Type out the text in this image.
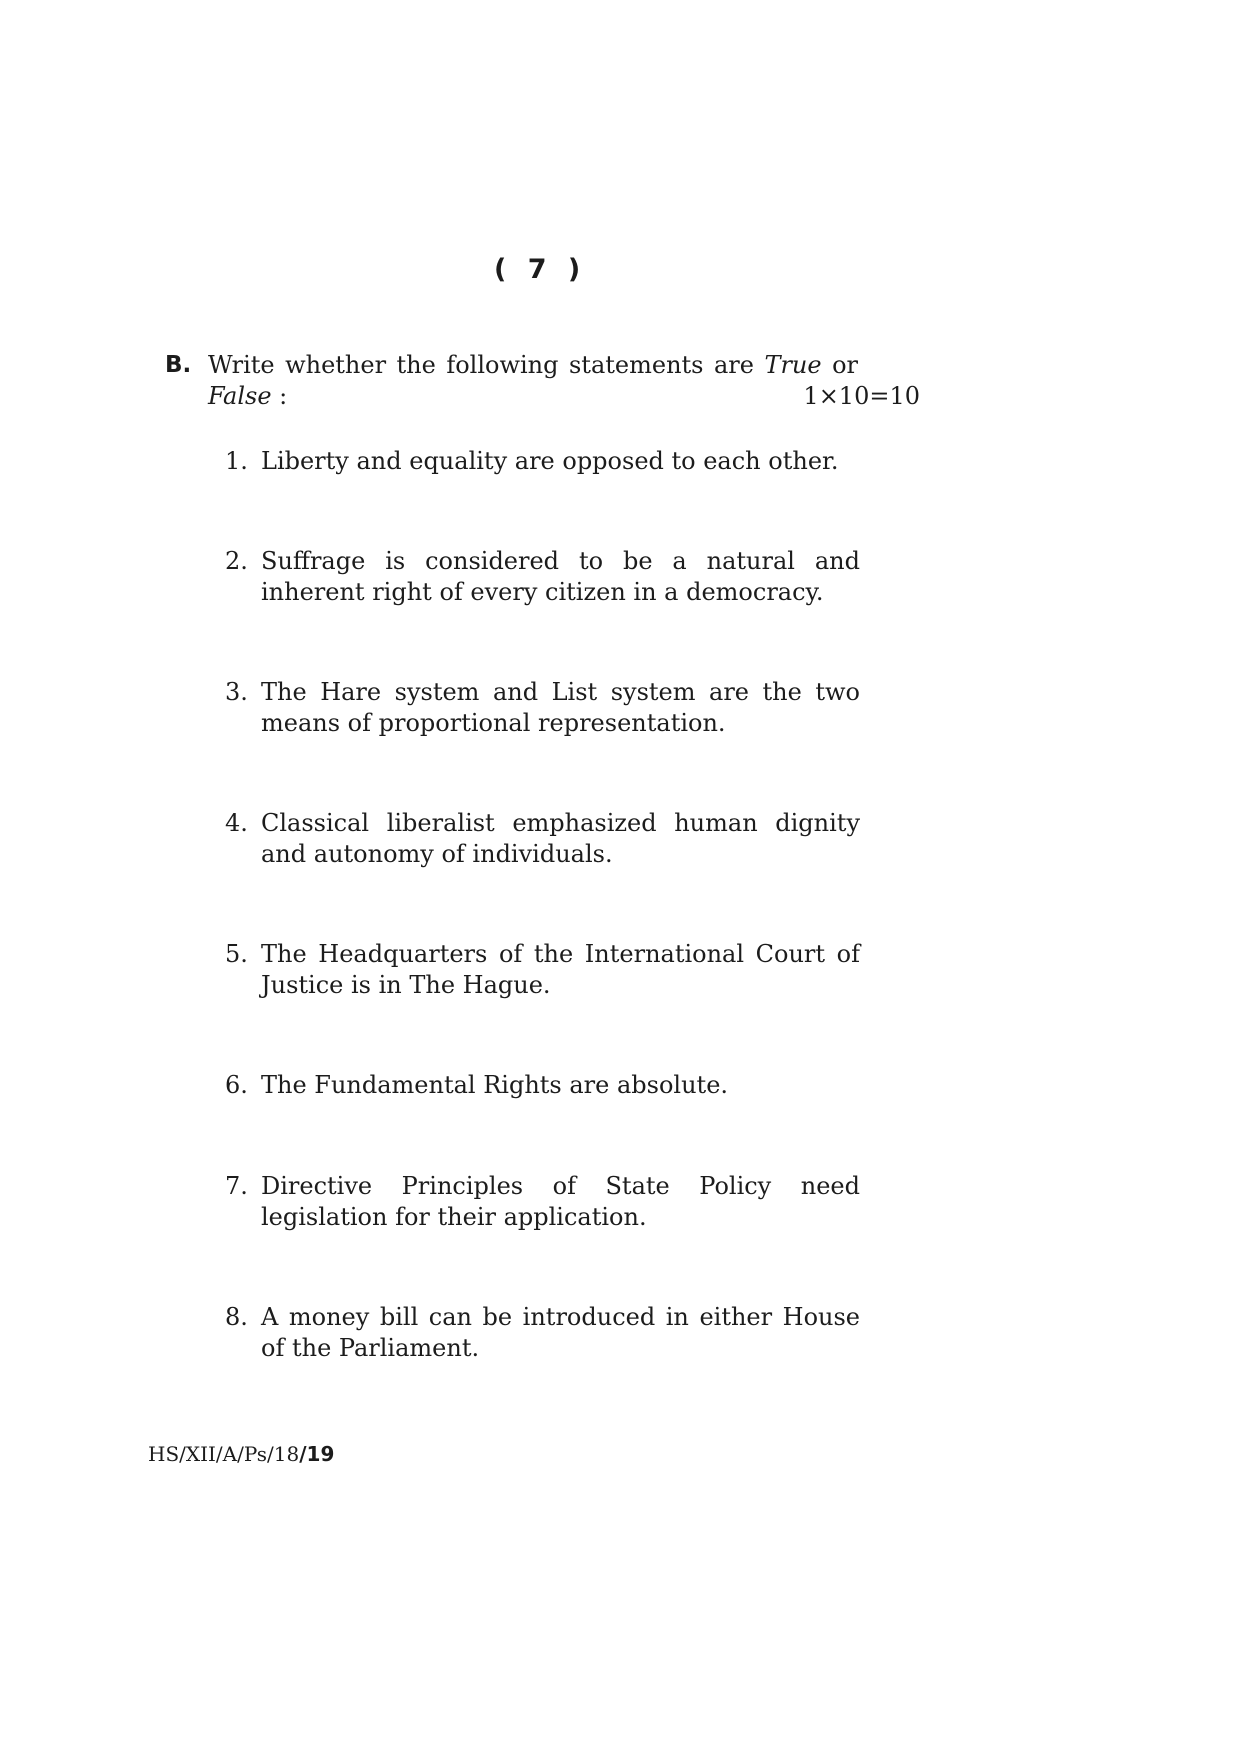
( 7 )
B. Write whether the following statements are True or
False :	1×10=10
1. Liberty and equality are opposed to each other.
2. Suffrage is considered to be a natural and inherent right of every citizen in a democracy.
3. The Hare system and List system are the two means of proportional representation.
4. Classical liberalist emphasized human dignity and autonomy of individuals.
5. The Headquarters of the International Court of Justice is in The Hague.
6. The Fundamental Rights are absolute.
7. Directive Principles of State Policy need legislation for their application.
8. A money bill can be introduced in either House of the Parliament.
HS/XII/A/Ps/18/19
